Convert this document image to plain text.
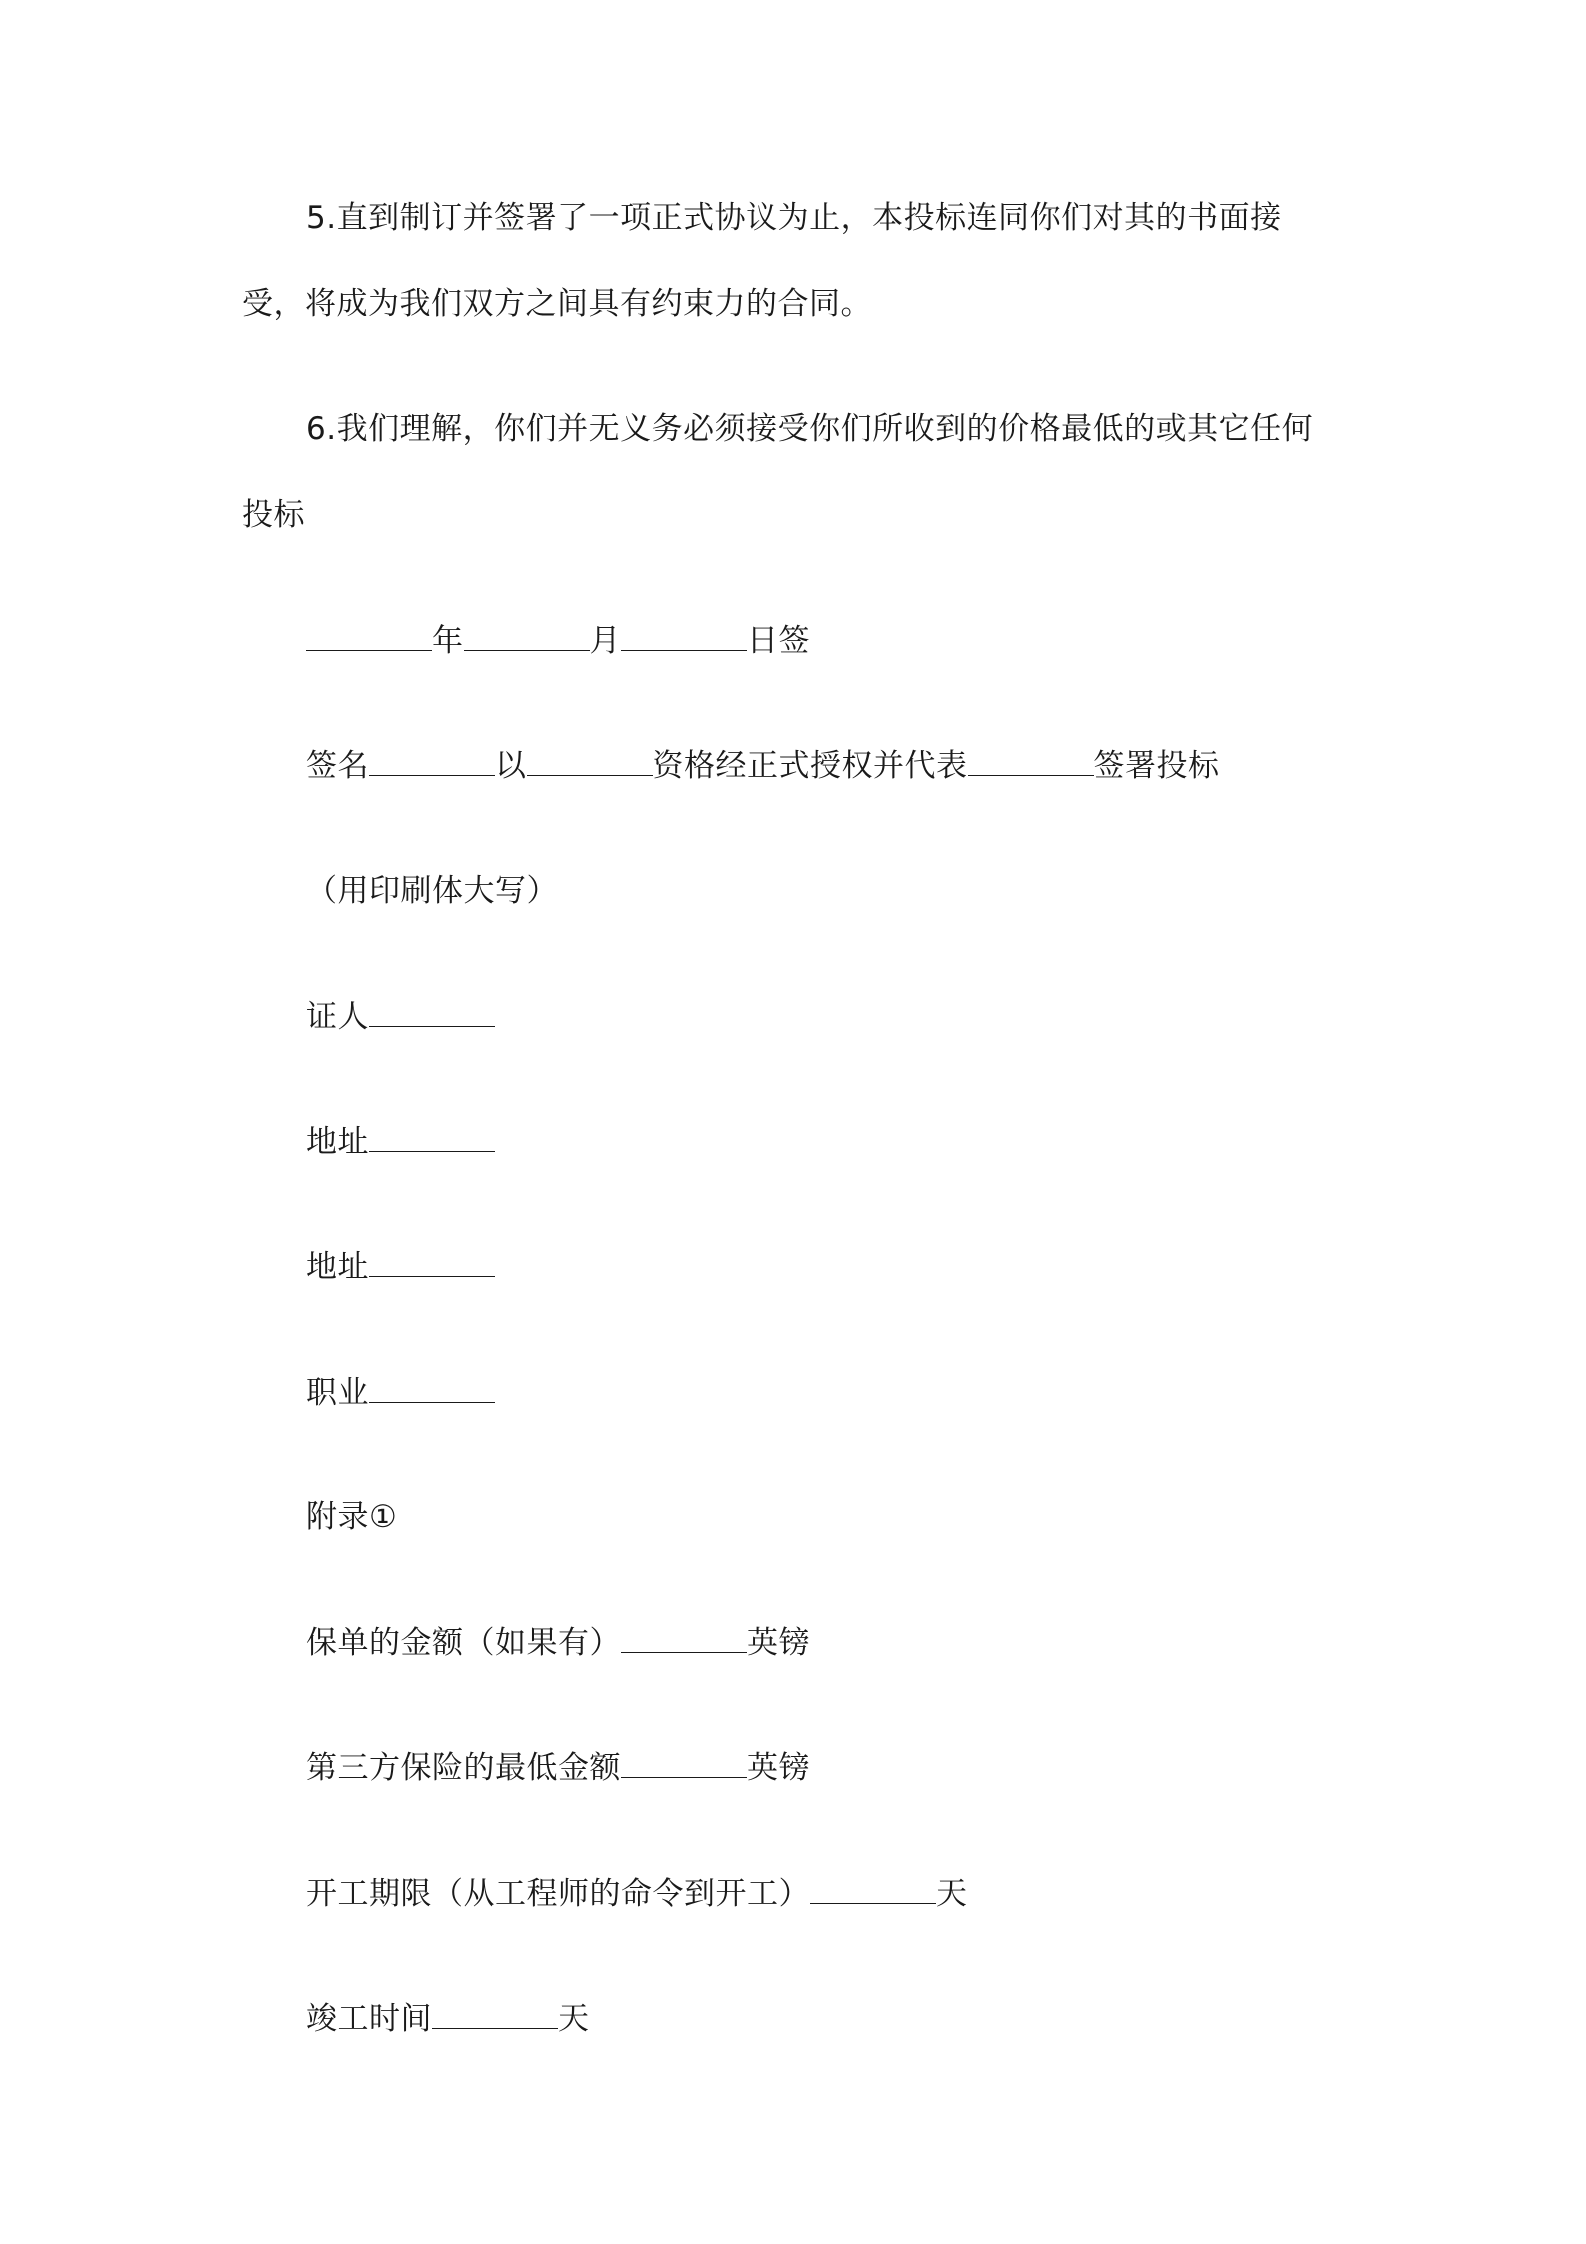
5.直到制订并签署了一项正式协议为止，本投标连同你们对其的书面接
受，将成为我们双方之间具有约束力的合同。
6.我们理解，你们并无义务必须接受你们所收到的价格最低的或其它任何
投标
年	月	日签
签名	以	资格经正式授权并代表	签署投标
（用印刷体大写）
证人
地址
地址
职业
附录①
保单的金额（如果有）	英镑
第三方保险的最低金额	英镑
开工期限（从工程师的命令到开工）	天
竣工时间	天
